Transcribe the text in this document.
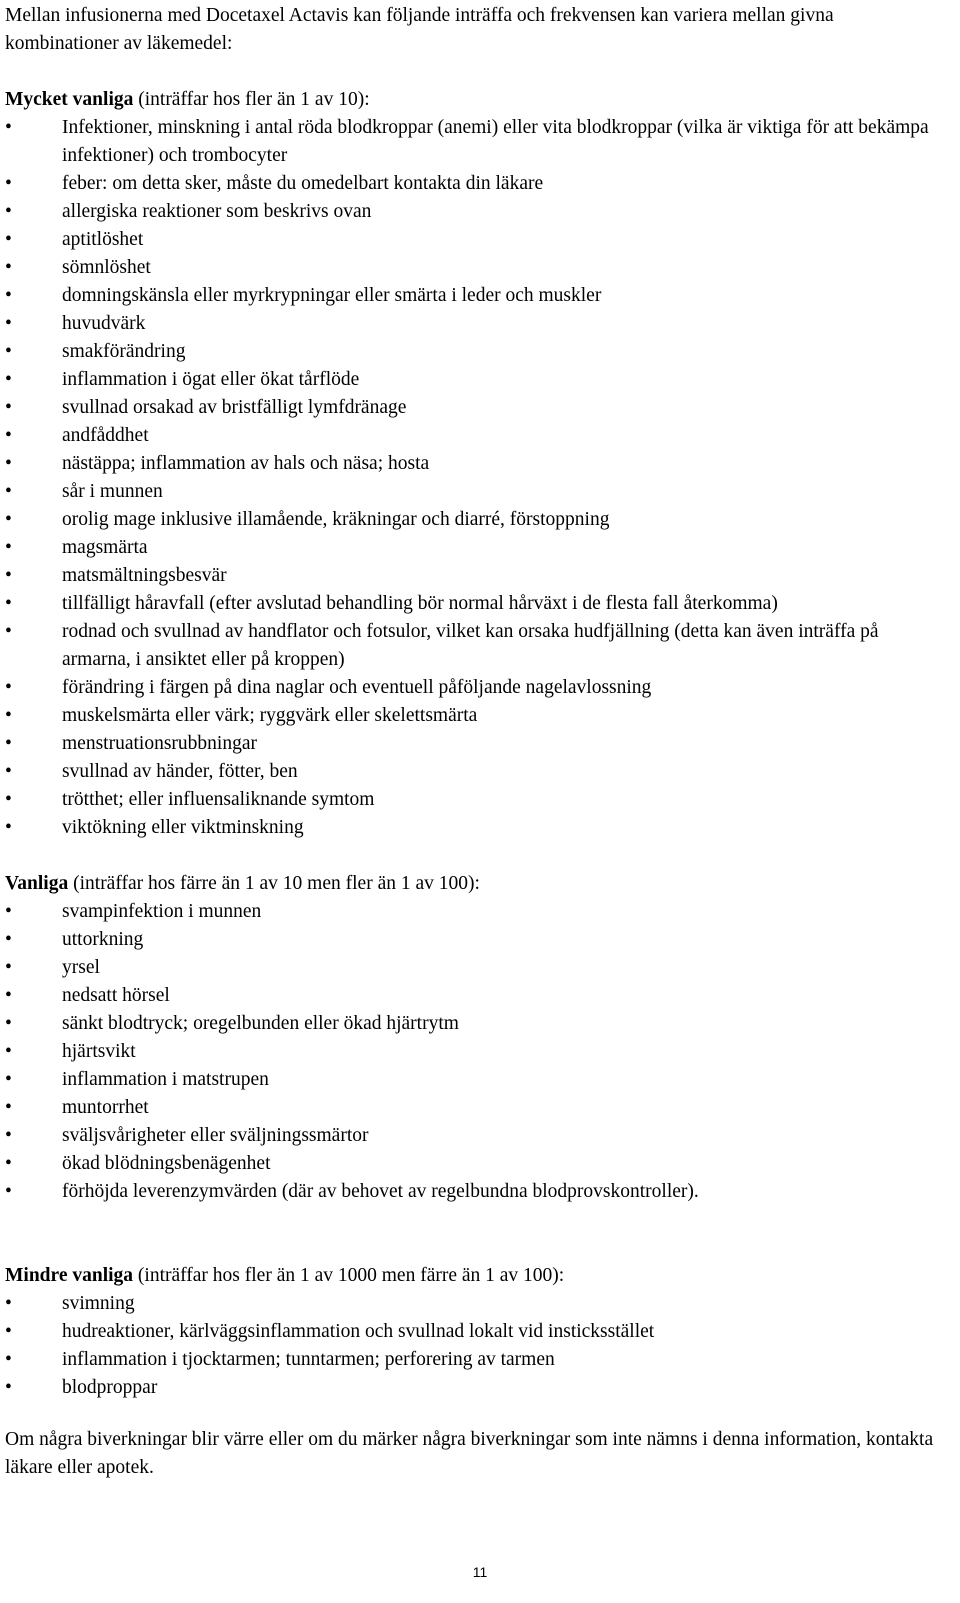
Mellan infusionerna med Docetaxel Actavis kan följande inträffa och frekvensen kan variera mellan givna kombinationer av läkemedel:

Mycket vanliga (inträffar hos fler än 1 av 10):

•	Infektioner, minskning i antal röda blodkroppar (anemi) eller vita blodkroppar (vilka är viktiga för att bekämpa infektioner) och trombocyter
•	feber: om detta sker, måste du omedelbart kontakta din läkare
•	allergiska reaktioner som beskrivs ovan
•	aptitlöshet
•	sömnlöshet
•	domningskänsla eller myrkrypningar eller smärta i leder och muskler
•	huvudvärk
•	smakförändring
•	inflammation i ögat eller ökat tårflöde
•	svullnad orsakad av bristfälligt lymfdränage
•	andfåddhet
•	nästäppa; inflammation av hals och näsa; hosta
•	sår i munnen
•	orolig mage inklusive illamående, kräkningar och diarré, förstoppning
•	magsmärta
•	matsmältningsbesvär
•	tillfälligt håravfall (efter avslutad behandling bör normal hårväxt i de flesta fall återkomma)
•	rodnad och svullnad av handflator och fotsulor, vilket kan orsaka hudfjällning (detta kan även inträffa på armarna, i ansiktet eller på kroppen)
•	förändring i färgen på dina naglar och eventuell påföljande nagelavlossning
•	muskelsmärta eller värk; ryggvärk eller skelettsmärta
•	menstruationsrubbningar
•	svullnad av händer, fötter, ben
•	trötthet; eller influensaliknande symtom
•	viktökning eller viktminskning

Vanliga (inträffar hos färre än 1 av 10 men fler än 1 av 100):

•	svampinfektion i munnen
•	uttorkning
•	yrsel
•	nedsatt hörsel
•	sänkt blodtryck; oregelbunden eller ökad hjärtrytm
•	hjärtsvikt
•	inflammation i matstrupen
•	muntorrhet
•	sväljsvårigheter eller sväljningssmärtor
•	ökad blödningsbenägenhet
•	förhöjda leverenzymvärden (där av behovet av regelbundna blodprovskontroller).

Mindre vanliga (inträffar hos fler än 1 av 1000 men färre än 1 av 100):

•	svimning
•	hudreaktioner, kärlväggsinflammation och svullnad lokalt vid insticksstället
•	inflammation i tjocktarmen; tunntarmen; perforering av tarmen
•	blodproppar

Om några biverkningar blir värre eller om du märker några biverkningar som inte nämns i denna information, kontakta läkare eller apotek.

11
